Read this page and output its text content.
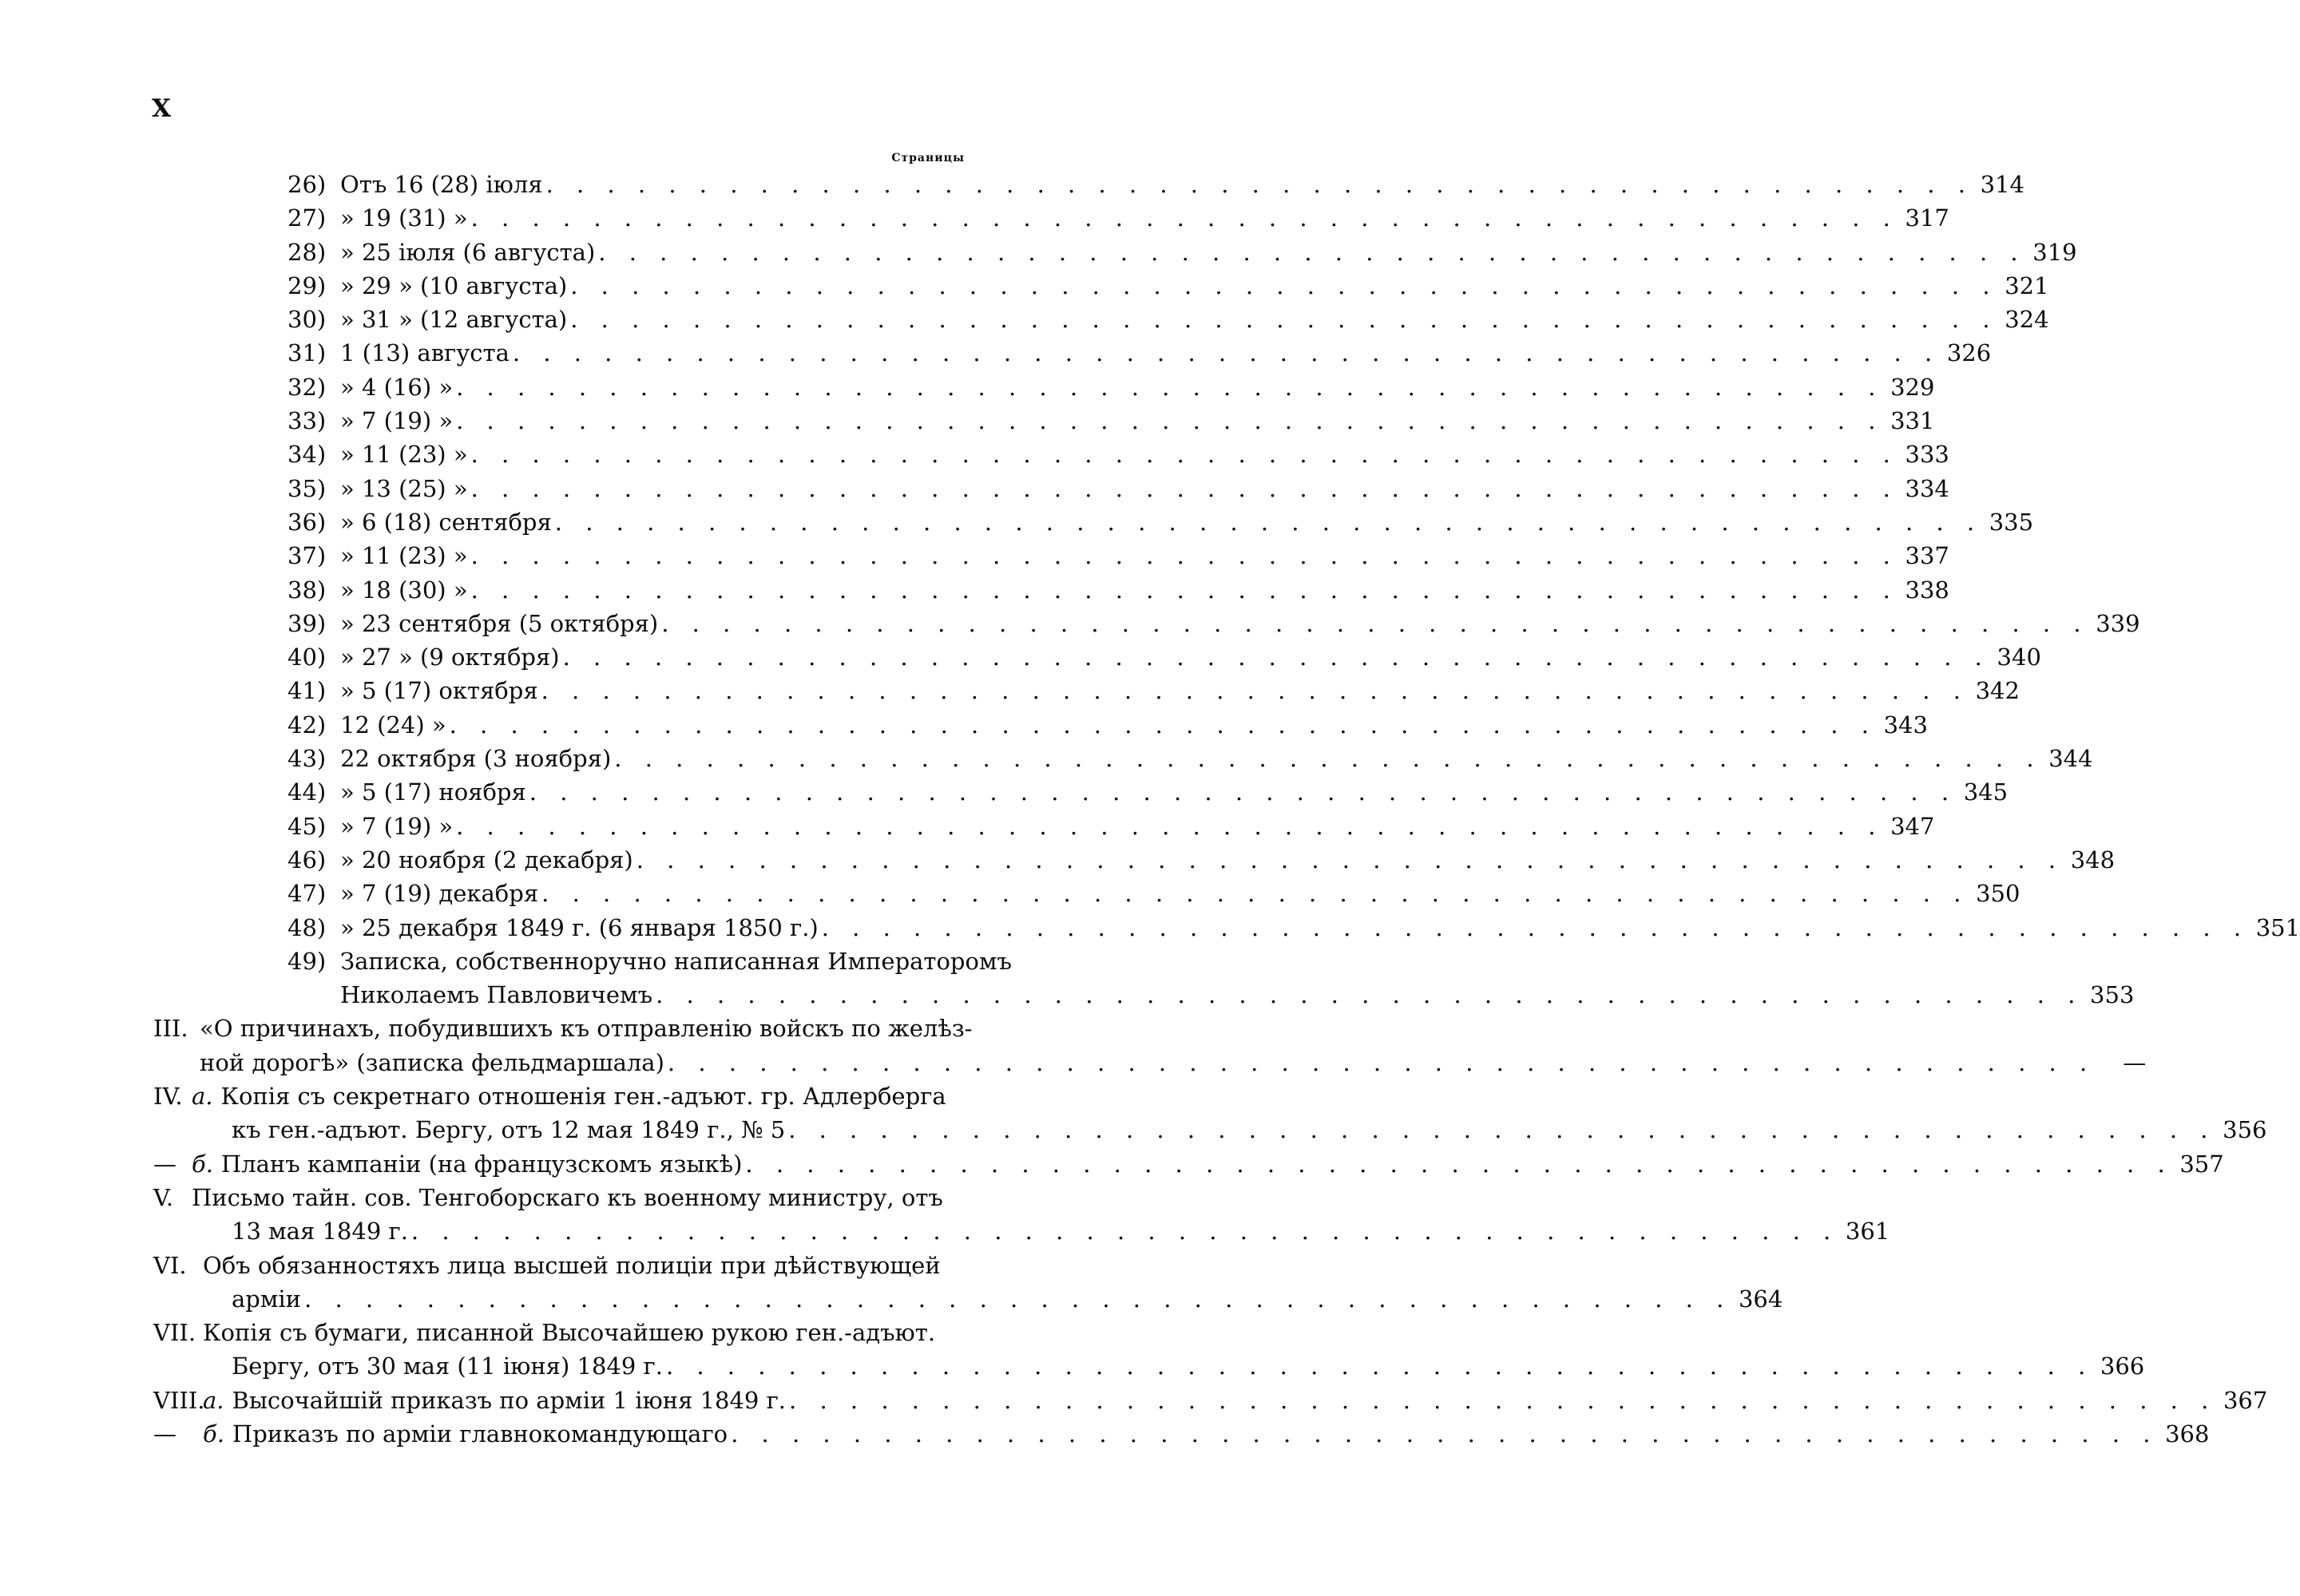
X
Страницы
26) Отъ 16 (28) іюля . . . . . . . . . . . . . . . . . . . . . . . . . . . . . . . . . . . . . . . . . . . . . . . 314
27) » 19 (31) » . . . . . . . . . . . . . . . . . . . . . . . . . . . . . . . . . . . . . . . . . . . . . . . 317
28) » 25 іюля (6 августа) . . . . . . . . . . . . . . . . . . . . . . . . . . . . . . . . . . . . . . . . . . . . . . . 319
29) » 29 » (10 августа) . . . . . . . . . . . . . . . . . . . . . . . . . . . . . . . . . . . . . . . . . . . . . . . 321
30) » 31 » (12 августа) . . . . . . . . . . . . . . . . . . . . . . . . . . . . . . . . . . . . . . . . . . . . . . . 324
31) 1 (13) августа . . . . . . . . . . . . . . . . . . . . . . . . . . . . . . . . . . . . . . . . . . . . . . . 326
32) » 4 (16) » . . . . . . . . . . . . . . . . . . . . . . . . . . . . . . . . . . . . . . . . . . . . . . . 329
33) » 7 (19) » . . . . . . . . . . . . . . . . . . . . . . . . . . . . . . . . . . . . . . . . . . . . . . . 331
34) » 11 (23) » . . . . . . . . . . . . . . . . . . . . . . . . . . . . . . . . . . . . . . . . . . . . . . . 333
35) » 13 (25) » . . . . . . . . . . . . . . . . . . . . . . . . . . . . . . . . . . . . . . . . . . . . . . . 334
36) » 6 (18) сентября . . . . . . . . . . . . . . . . . . . . . . . . . . . . . . . . . . . . . . . . . . . . . . . 335
37) » 11 (23) » . . . . . . . . . . . . . . . . . . . . . . . . . . . . . . . . . . . . . . . . . . . . . . . 337
38) » 18 (30) » . . . . . . . . . . . . . . . . . . . . . . . . . . . . . . . . . . . . . . . . . . . . . . . 338
39) » 23 сентября (5 октября) . . . . . . . . . . . . . . . . . . . . . . . . . . . . . . . . . . . . . . . . . . . . . . . 339
40) » 27 » (9 октября) . . . . . . . . . . . . . . . . . . . . . . . . . . . . . . . . . . . . . . . . . . . . . . . 340
41) » 5 (17) октября . . . . . . . . . . . . . . . . . . . . . . . . . . . . . . . . . . . . . . . . . . . . . . . 342
42) 12 (24) » . . . . . . . . . . . . . . . . . . . . . . . . . . . . . . . . . . . . . . . . . . . . . . . 343
43) 22 октября (3 ноября) . . . . . . . . . . . . . . . . . . . . . . . . . . . . . . . . . . . . . . . . . . . . . . . 344
44) » 5 (17) ноября . . . . . . . . . . . . . . . . . . . . . . . . . . . . . . . . . . . . . . . . . . . . . . . 345
45) » 7 (19) » . . . . . . . . . . . . . . . . . . . . . . . . . . . . . . . . . . . . . . . . . . . . . . . 347
46) » 20 ноября (2 декабря) . . . . . . . . . . . . . . . . . . . . . . . . . . . . . . . . . . . . . . . . . . . . . . . 348
47) » 7 (19) декабря . . . . . . . . . . . . . . . . . . . . . . . . . . . . . . . . . . . . . . . . . . . . . . . 350
48) » 25 декабря 1849 г. (6 января 1850 г.) . . . . . . . . . . . . . . . . . . . . . . . . . . . . . . . . . . . . . . . . . . . . . . . 351
49) Записка, собственноручно написанная Императоромъ
Николаемъ Павловичемъ . . . . . . . . . . . . . . . . . . . . . . . . . . . . . . . . . . . . . . . . . . . . . . . 353
III. «О причинахъ, побудившихъ къ отправленію войскъ по желѣз-
ной дорогѣ» (записка фельдмаршала) . . . . . . . . . . . . . . . . . . . . . . . . . . . . . . . . . . . . . . . . . . . . . . .	—
IV. а. Копія съ секретнаго отношенія ген.-адъют. гр. Адлерберга
къ ген.-адъют. Бергу, отъ 12 мая 1849 г., № 5 . . . . . . . . . . . . . . . . . . . . . . . . . . . . . . . . . . . . . . . . . . . . . . . 356
— б. Планъ кампаніи (на французскомъ языкѣ) . . . . . . . . . . . . . . . . . . . . . . . . . . . . . . . . . . . . . . . . . . . . . . . 357
V. Письмо тайн. сов. Тенгоборскаго къ военному министру, отъ
13 мая 1849 г. . . . . . . . . . . . . . . . . . . . . . . . . . . . . . . . . . . . . . . . . . . . . . . . 361
VI. Объ обязанностяхъ лица высшей полиціи при дѣйствующей
арміи . . . . . . . . . . . . . . . . . . . . . . . . . . . . . . . . . . . . . . . . . . . . . . . 364
VII. Копія съ бумаги, писанной Высочайшею рукою ген.-адъют.
Бергу, отъ 30 мая (11 іюня) 1849 г. . . . . . . . . . . . . . . . . . . . . . . . . . . . . . . . . . . . . . . . . . . . . . . . 366
VIII.
а. Высочайшій приказъ по арміи 1 іюня 1849 г. . . . . . . . . . . . . . . . . . . . . . . . . . . . . . . . . . . . . . . . . . . . . . . . 367
— б. Приказъ по арміи главнокомандующаго . . . . . . . . . . . . . . . . . . . . . . . . . . . . . . . . . . . . . . . . . . . . . . . 368
